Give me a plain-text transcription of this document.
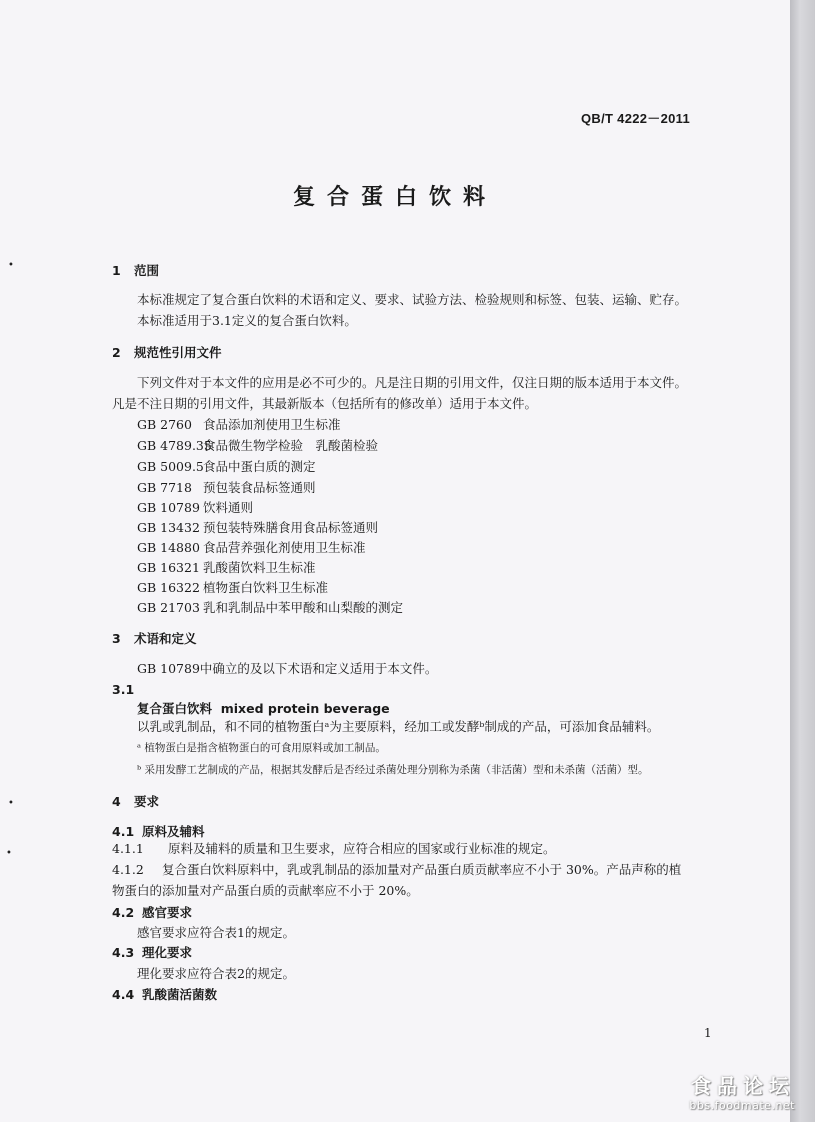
QB/T 4222－2011
复合蛋白饮料
1 范围
本标准规定了复合蛋白饮料的术语和定义、要求、试验方法、检验规则和标签、包装、运输、贮存。
本标准适用于3.1定义的复合蛋白饮料。
2 规范性引用文件
下列文件对于本文件的应用是必不可少的。凡是注日期的引用文件，仅注日期的版本适用于本文件。
凡是不注日期的引用文件，其最新版本（包括所有的修改单）适用于本文件。
GB 2760 食品添加剂使用卫生标准
GB 4789.35食品微生物学检验　乳酸菌检验
GB 5009.5食品中蛋白质的测定
GB 7718 预包装食品标签通则
GB 10789 饮料通则
GB 13432 预包装特殊膳食用食品标签通则
GB 14880 食品营养强化剂使用卫生标准
GB 16321 乳酸菌饮料卫生标准
GB 16322 植物蛋白饮料卫生标准
GB 21703 乳和乳制品中苯甲酸和山梨酸的测定
3 术语和定义
GB 10789中确立的及以下术语和定义适用于本文件。
3.1
复合蛋白饮料 mixed protein beverage
以乳或乳制品，和不同的植物蛋白ᵃ为主要原料，经加工或发酵ᵇ制成的产品，可添加食品辅料。
ᵃ 植物蛋白是指含植物蛋白的可食用原料或加工制品。
ᵇ 采用发酵工艺制成的产品，根据其发酵后是否经过杀菌处理分别称为杀菌（非活菌）型和未杀菌（活菌）型。
4 要求
4.1 原料及辅料
4.1.1 原料及辅料的质量和卫生要求，应符合相应的国家或行业标准的规定。
4.1.2 复合蛋白饮料原料中，乳或乳制品的添加量对产品蛋白质贡献率应不小于 30%。产品声称的植
物蛋白的添加量对产品蛋白质的贡献率应不小于 20%。
4.2 感官要求
感官要求应符合表1的规定。
4.3 理化要求
理化要求应符合表2的规定。
4.4 乳酸菌活菌数
1
•
•
•
食品论坛
bbs.foodmate.net
